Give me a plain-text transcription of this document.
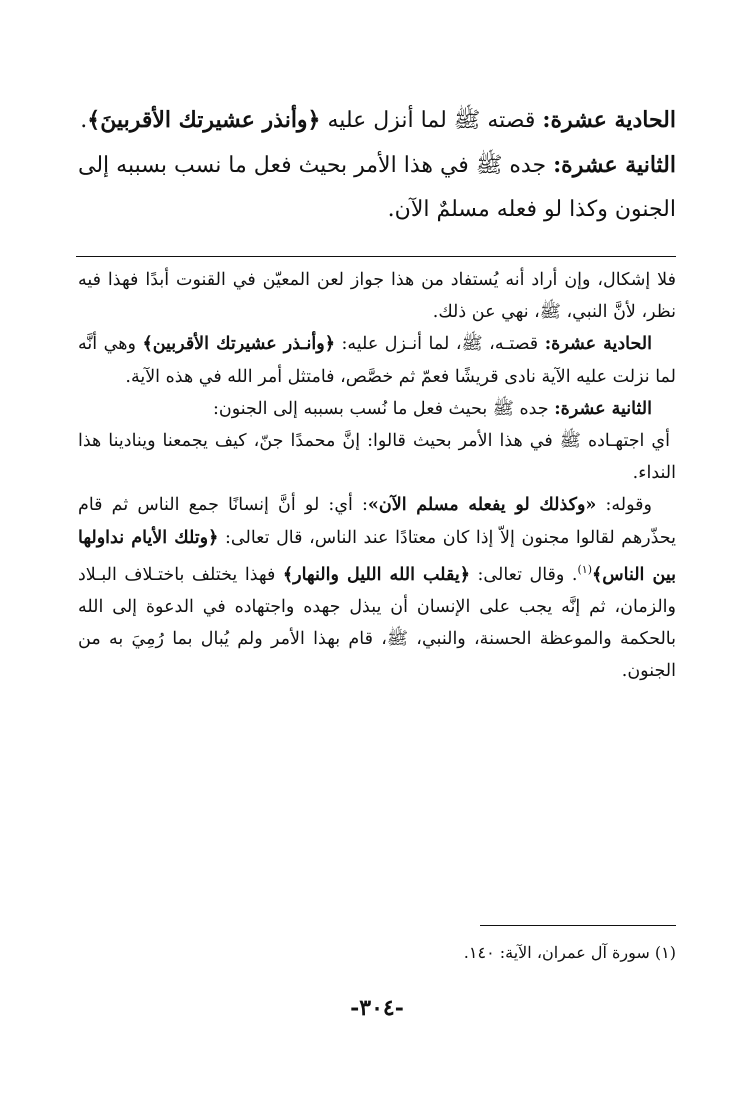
الحادية عشرة: قصته ﷺ لما أنزل عليه ﴿وأنذر عشيرتك الأقربينَ﴾.

الثانية عشرة: جده ﷺ في هذا الأمر بحيث فعل ما نسب بسببه إلى الجنون وكذا لو فعله مسلمٌ الآن.

فلا إشكال، وإن أراد أنه يُستفاد من هذا جواز لعن المعيّن في القنوت أبدًا فهذا فيه نظر، لأنَّ النبي، ﷺ، نهي عن ذلك.

الحادية عشرة: قصتـه، ﷺ، لما أنـزل عليه: ﴿وأنـذر عشيرتك الأقربين﴾ وهي أنَّه لما نزلت عليه الآية نادى قريشًا فعمّ ثم خصَّص، فامتثل أمر الله في هذه الآية.

الثانية عشرة: جده ﷺ بحيث فعل ما نُسب بسببه إلى الجنون:

أي اجتهـاده ﷺ في هذا الأمر بحيث قالوا: إنَّ محمدًا جنّ، كيف يجمعنا وينادينا هذا النداء.

وقوله: «وكذلك لو يفعله مسلم الآن»: أي: لو أنَّ إنسانًا جمع الناس ثم قام يحذّرهم لقالوا مجنون إلاّ إذا كان معتادًا عند الناس، قال تعالى: ﴿وتلك الأيام نداولها بين الناس﴾$^{(١)}$. وقال تعالى: ﴿يقلب الله الليل والنهار﴾ فهذا يختلف باختـلاف البـلاد والزمان، ثم إنَّه يجب على الإنسان أن يبذل جهده واجتهاده في الدعوة إلى الله بالحكمة والموعظة الحسنة، والنبي، ﷺ، قام بهذا الأمر ولم يُبال بما رُمِيَ به من الجنون.

(١) سورة آل عمران، الآية: ١٤٠.
-٣٠٤-
